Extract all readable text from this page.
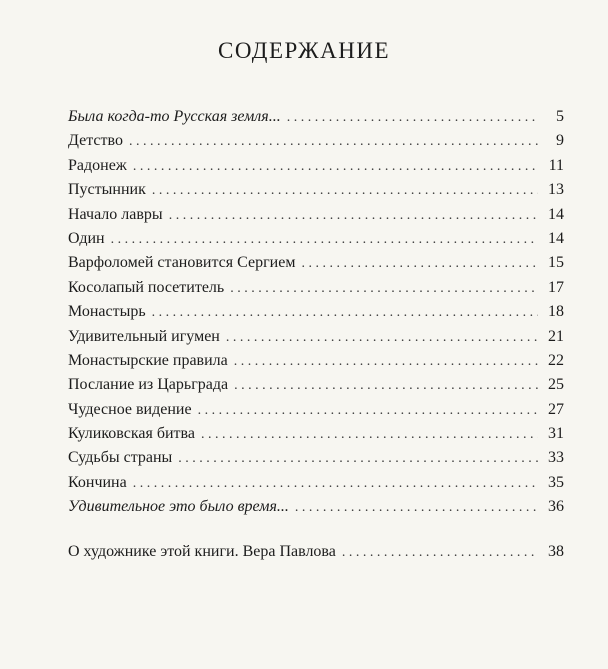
СОДЕРЖАНИЕ
Была когда-то Русская земля... . . .	5
Детство . . .	9
Радонеж . . .	11
Пустынник . . .	13
Начало лавры . . .	14
Один . . .	14
Варфоломей становится Сергием . . .	15
Косолапый посетитель . . .	17
Монастырь . . .	18
Удивительный игумен . . .	21
Монастырские правила . . .	22
Послание из Царьграда . . .	25
Чудесное видение . . .	27
Куликовская битва . . .	31
Судьбы страны . . .	33
Кончина . . .	35
Удивительное это было время... . . .	36
О художнике этой книги. Вера Павлова . . .	38
